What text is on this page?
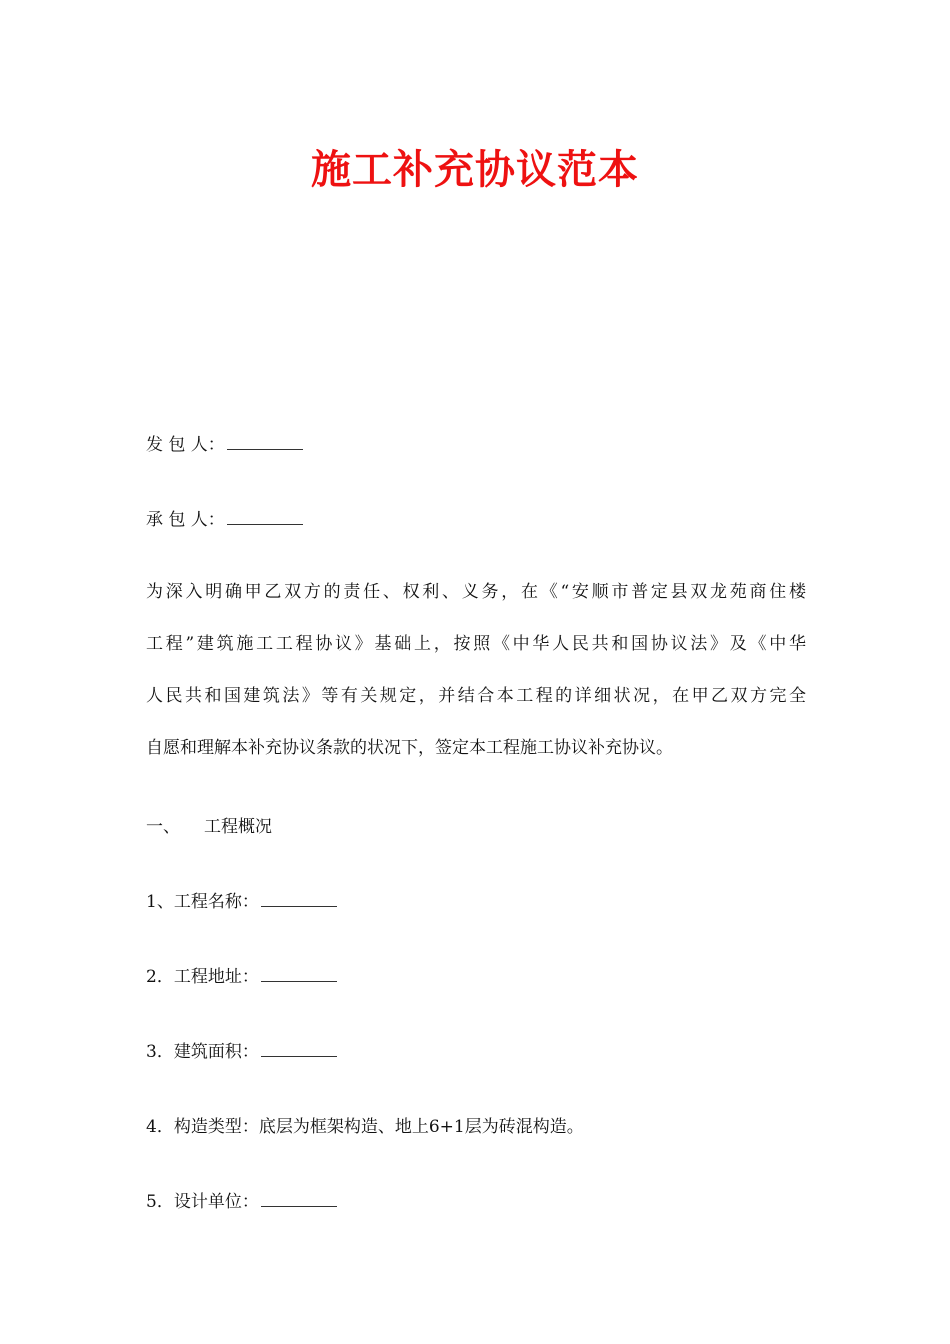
施工补充协议范本
发 包 人：
承 包 人：
为深入明确甲乙双方的责任、权利、义务，在《“安顺市普定县双龙苑商住楼
工程”建筑施工工程协议》基础上，按照《中华人民共和国协议法》及《中华
人民共和国建筑法》等有关规定，并结合本工程的详细状况，在甲乙双方完全
自愿和理解本补充协议条款的状况下，签定本工程施工协议补充协议。
一、 工程概况
1、工程名称：
2．工程地址：
3．建筑面积：
4．构造类型：底层为框架构造、地上6+1层为砖混构造。
5．设计单位：
